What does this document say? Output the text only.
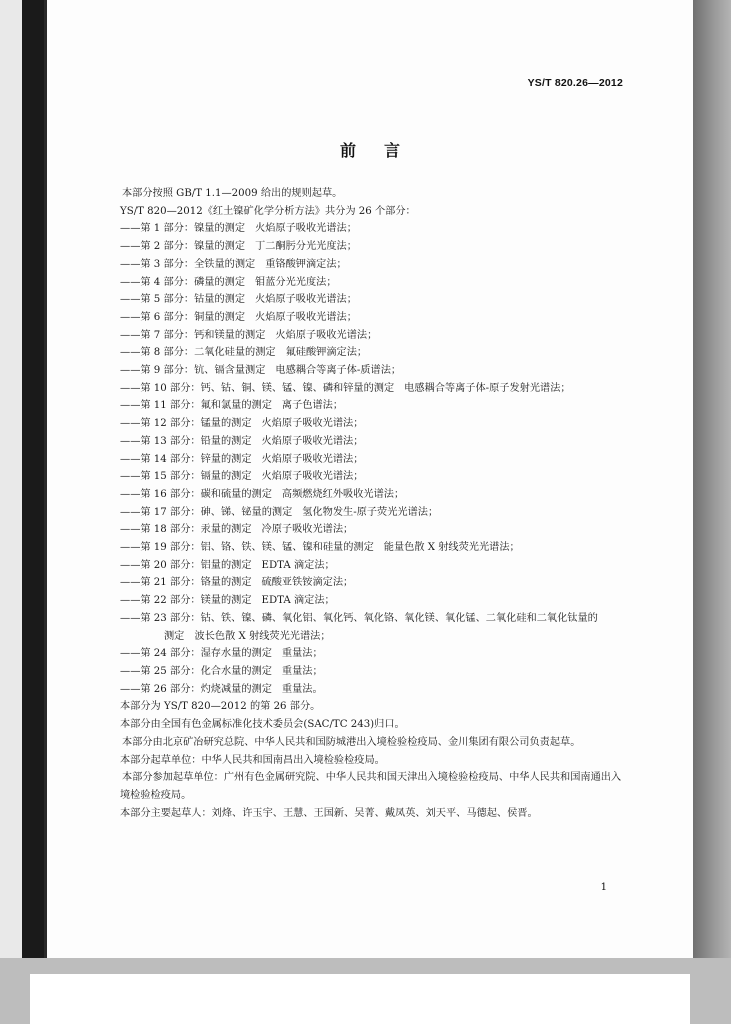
YS/T 820.26—2012
前言
本部分按照 GB/T 1.1—2009 给出的规则起草。
YS/T 820—2012《红土镍矿化学分析方法》共分为 26 个部分：
——第 1 部分：镍量的测定 火焰原子吸收光谱法；
——第 2 部分：镍量的测定 丁二酮肟分光光度法；
——第 3 部分：全铁量的测定 重铬酸钾滴定法；
——第 4 部分：磷量的测定 钼蓝分光光度法；
——第 5 部分：钴量的测定 火焰原子吸收光谱法；
——第 6 部分：铜量的测定 火焰原子吸收光谱法；
——第 7 部分：钙和镁量的测定 火焰原子吸收光谱法；
——第 8 部分：二氧化硅量的测定 氟硅酸钾滴定法；
——第 9 部分：钪、镉含量测定 电感耦合等离子体-质谱法；
——第 10 部分：钙、钴、铜、镁、锰、镍、磷和锌量的测定 电感耦合等离子体-原子发射光谱法；
——第 11 部分：氟和氯量的测定 离子色谱法；
——第 12 部分：锰量的测定 火焰原子吸收光谱法；
——第 13 部分：铅量的测定 火焰原子吸收光谱法；
——第 14 部分：锌量的测定 火焰原子吸收光谱法；
——第 15 部分：镉量的测定 火焰原子吸收光谱法；
——第 16 部分：碳和硫量的测定 高频燃烧红外吸收光谱法；
——第 17 部分：砷、锑、铋量的测定 氢化物发生-原子荧光光谱法；
——第 18 部分：汞量的测定 冷原子吸收光谱法；
——第 19 部分：铝、铬、铁、镁、锰、镍和硅量的测定 能量色散 X 射线荧光光谱法；
——第 20 部分：铝量的测定 EDTA 滴定法；
——第 21 部分：铬量的测定 硫酸亚铁铵滴定法；
——第 22 部分：镁量的测定 EDTA 滴定法；
——第 23 部分：钴、铁、镍、磷、氧化铝、氧化钙、氧化铬、氧化镁、氧化锰、二氧化硅和二氧化钛量的
测定　波长色散 X 射线荧光光谱法；
——第 24 部分：湿存水量的测定 重量法；
——第 25 部分：化合水量的测定 重量法；
——第 26 部分：灼烧减量的测定 重量法。
本部分为 YS/T 820—2012 的第 26 部分。
本部分由全国有色金属标准化技术委员会(SAC/TC 243)归口。
本部分由北京矿冶研究总院、中华人民共和国防城港出入境检验检疫局、金川集团有限公司负责起草。
本部分起草单位：中华人民共和国南昌出入境检验检疫局。
本部分参加起草单位：广州有色金属研究院、中华人民共和国天津出入境检验检疫局、中华人民共和国南通出入境检验检疫局。
本部分主要起草人：刘烽、许玉宇、王慧、王国新、吴菁、戴凤英、刘天平、马德起、侯晋。
1
